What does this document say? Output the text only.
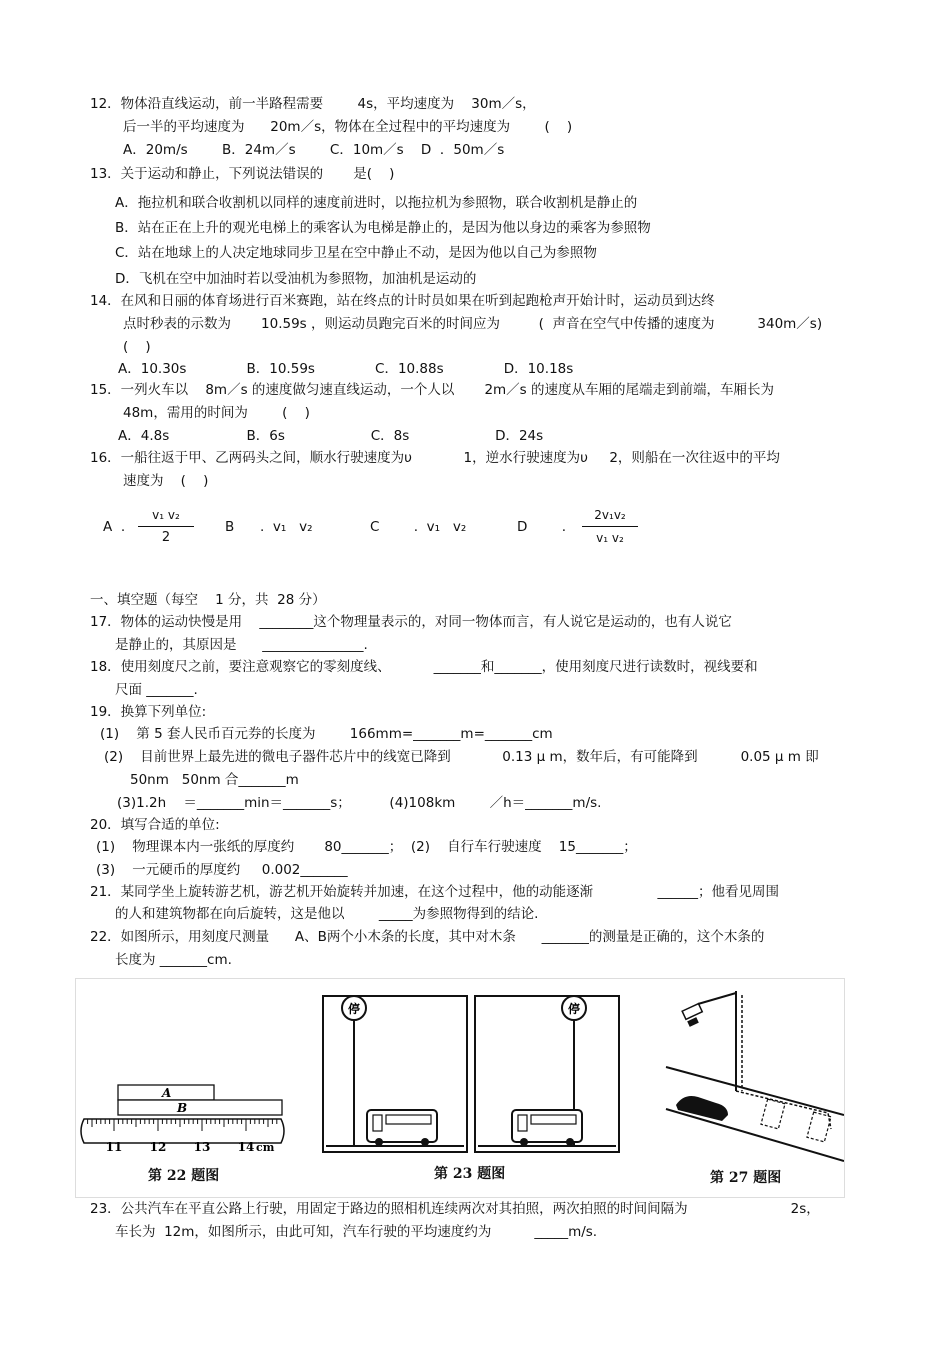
12．物体沿直线运动，前一半路程需要        4s，平均速度为    30m／s，
后一半的平均速度为      20m／s，物体在全过程中的平均速度为        (    )
A．20m/s        B．24m／s        C．10m／s    D  ．50m／s
13．关于运动和静止，下列说法错误的       是(    )
A．拖拉机和联合收割机以同样的速度前进时，以拖拉机为参照物，联合收割机是静止的
B．站在正在上升的观光电梯上的乘客认为电梯是静止的，是因为他以身边的乘客为参照物
C．站在地球上的人决定地球同步卫星在空中静止不动，是因为他以自己为参照物
D．飞机在空中加油时若以受油机为参照物，加油机是运动的
14．在风和日丽的体育场进行百米赛跑，站在终点的计时员如果在听到起跑枪声开始计时，运动员到达终
点时秒表的示数为       10.59s ，则运动员跑完百米的时间应为         (  声音在空气中传播的速度为          340m／s)
(    )
A．10.30s              B．10.59s              C．10.88s              D．10.18s
15．一列火车以    8m／s 的速度做匀速直线运动，一个人以       2m／s 的速度从车厢的尾端走到前端，车厢长为
48m，需用的时间为        (    )
A．4.8s                  B．6s                    C．8s                    D．24s
16．一船往返于甲、乙两码头之间，顺水行驶速度为υ            1，逆水行驶速度为υ     2，则船在一次往返中的平均
速度为    (    )
A  .
v₁ v₂
2
B      .  v₁   v₂	C        .  v₁   v₂	D        .
2v₁v₂
v₁ v₂
一、填空题（每空    1 分，共  28 分）
17．物体的运动快慢是用    ________这个物理量表示的，对同一物体而言，有人说它是运动的，也有人说它
是静止的，其原因是      _______________.
18．使用刻度尺之前，要注意观察它的零刻度线、          _______和_______，使用刻度尺进行读数时，视线要和
尺面 _______.
19．换算下列单位:
(1)    第 5 套人民币百元券的长度为        166mm=_______m=_______cm
(2)    目前世界上最先进的微电子器件芯片中的线宽已降到            0.13 μ m，数年后，有可能降到          0.05 μ m 即
50nm   50nm 合_______m
(3)1.2h    ＝_______min＝_______s；         (4)108km        ／h＝_______m/s.
20．填写合适的单位:
(1)    物理课本内一张纸的厚度约       80_______；  (2)    自行车行驶速度    15_______；
(3)    一元硬币的厚度约     0.002_______
21．某同学坐上旋转游艺机，游艺机开始旋转并加速，在这个过程中，他的动能逐渐               ______；他看见周围
的人和建筑物都在向后旋转，这是他以        _____为参照物得到的结论.
22．如图所示，用刻度尺测量      A、B两个小木条的长度，其中对木条      _______的测量是正确的，这个木条的
长度为 _______cm.
A
B
11 12 13 14 cm
停	停
第 22 题图	第 23 题图	第 27 题图
23．公共汽车在平直公路上行驶，用固定于路边的照相机连续两次对其拍照，两次拍照的时间间隔为                        2s，
车长为  12m，如图所示，由此可知，汽车行驶的平均速度约为          _____m/s.
